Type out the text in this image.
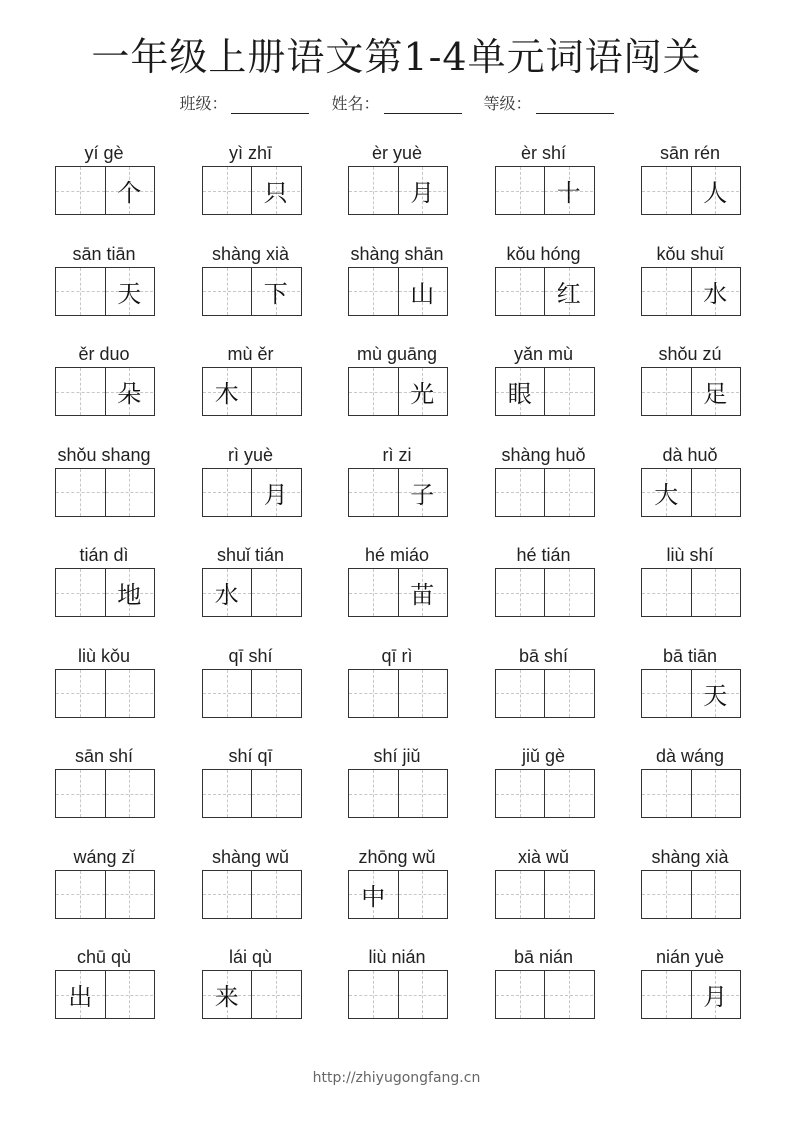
一年级上册语文第1-4单元词语闯关
班级：	姓名：	等级：
yí gè
个
yì zhī
只
èr yuè
月
èr shí
十
sān rén
人
sān tiān
天
shàng xià
下
shàng shān
山
kǒu hóng
红
kǒu shuǐ
水
ěr duo
朵
mù ěr
木
mù guāng
光
yǎn mù
眼
shǒu zú
足
shǒu shang	rì yuè
月
rì zi
子
shàng huǒ	dà huǒ
大
tián dì
地
shuǐ tián
水
hé miáo
苗
hé tián	liù shí
liù kǒu	qī shí	qī rì	bā shí	bā tiān
天
sān shí	shí qī	shí jiǔ	jiǔ gè	dà wáng
wáng zǐ	shàng wǔ	zhōng wǔ
中
xià wǔ	shàng xià
chū qù
出
lái qù
来
liù nián	bā nián	nián yuè
月
http://zhiyugongfang.cn
